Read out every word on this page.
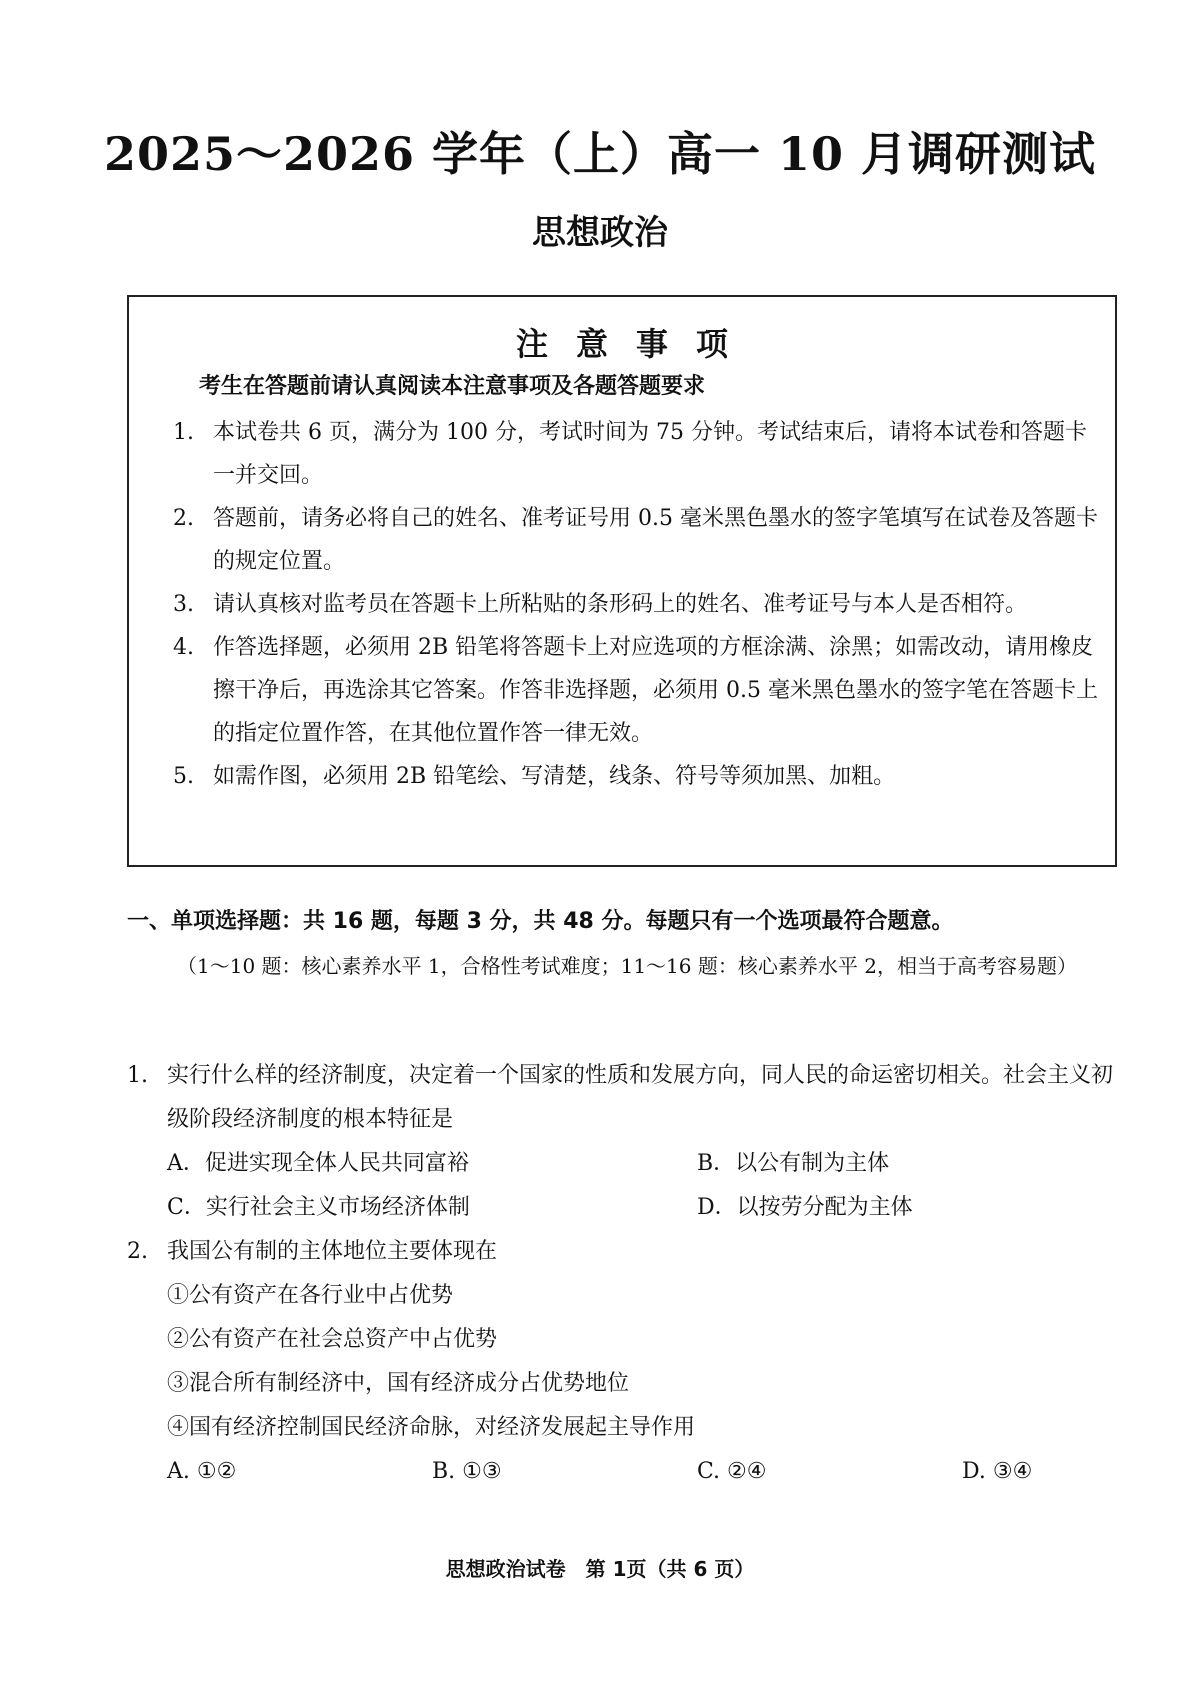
2025～2026 学年（上）高一 10 月调研测试
思想政治
注意事项
考生在答题前请认真阅读本注意事项及各题答题要求
1. 本试卷共 6 页，满分为 100 分，考试时间为 75 分钟。考试结束后，请将本试卷和答题卡一并交回。
2. 答题前，请务必将自己的姓名、准考证号用 0.5 毫米黑色墨水的签字笔填写在试卷及答题卡的规定位置。
3. 请认真核对监考员在答题卡上所粘贴的条形码上的姓名、准考证号与本人是否相符。
4. 作答选择题，必须用 2B 铅笔将答题卡上对应选项的方框涂满、涂黑；如需改动，请用橡皮擦干净后，再选涂其它答案。作答非选择题，必须用 0.5 毫米黑色墨水的签字笔在答题卡上的指定位置作答，在其他位置作答一律无效。
5. 如需作图，必须用 2B 铅笔绘、写清楚，线条、符号等须加黑、加粗。
一、单项选择题：共 16 题，每题 3 分，共 48 分。每题只有一个选项最符合题意。
（1～10 题：核心素养水平 1，合格性考试难度；11～16 题：核心素养水平 2，相当于高考容易题）
1. 实行什么样的经济制度，决定着一个国家的性质和发展方向，同人民的命运密切相关。社会主义初级阶段经济制度的根本特征是
A．促进实现全体人民共同富裕	B．以公有制为主体
C．实行社会主义市场经济体制	D．以按劳分配为主体
2. 我国公有制的主体地位主要体现在
①公有资产在各行业中占优势
②公有资产在社会总资产中占优势
③混合所有制经济中，国有经济成分占优势地位
④国有经济控制国民经济命脉，对经济发展起主导作用
A. ①②	B. ①③	C. ②④	D. ③④
思想政治试卷　第 1页（共 6 页）
